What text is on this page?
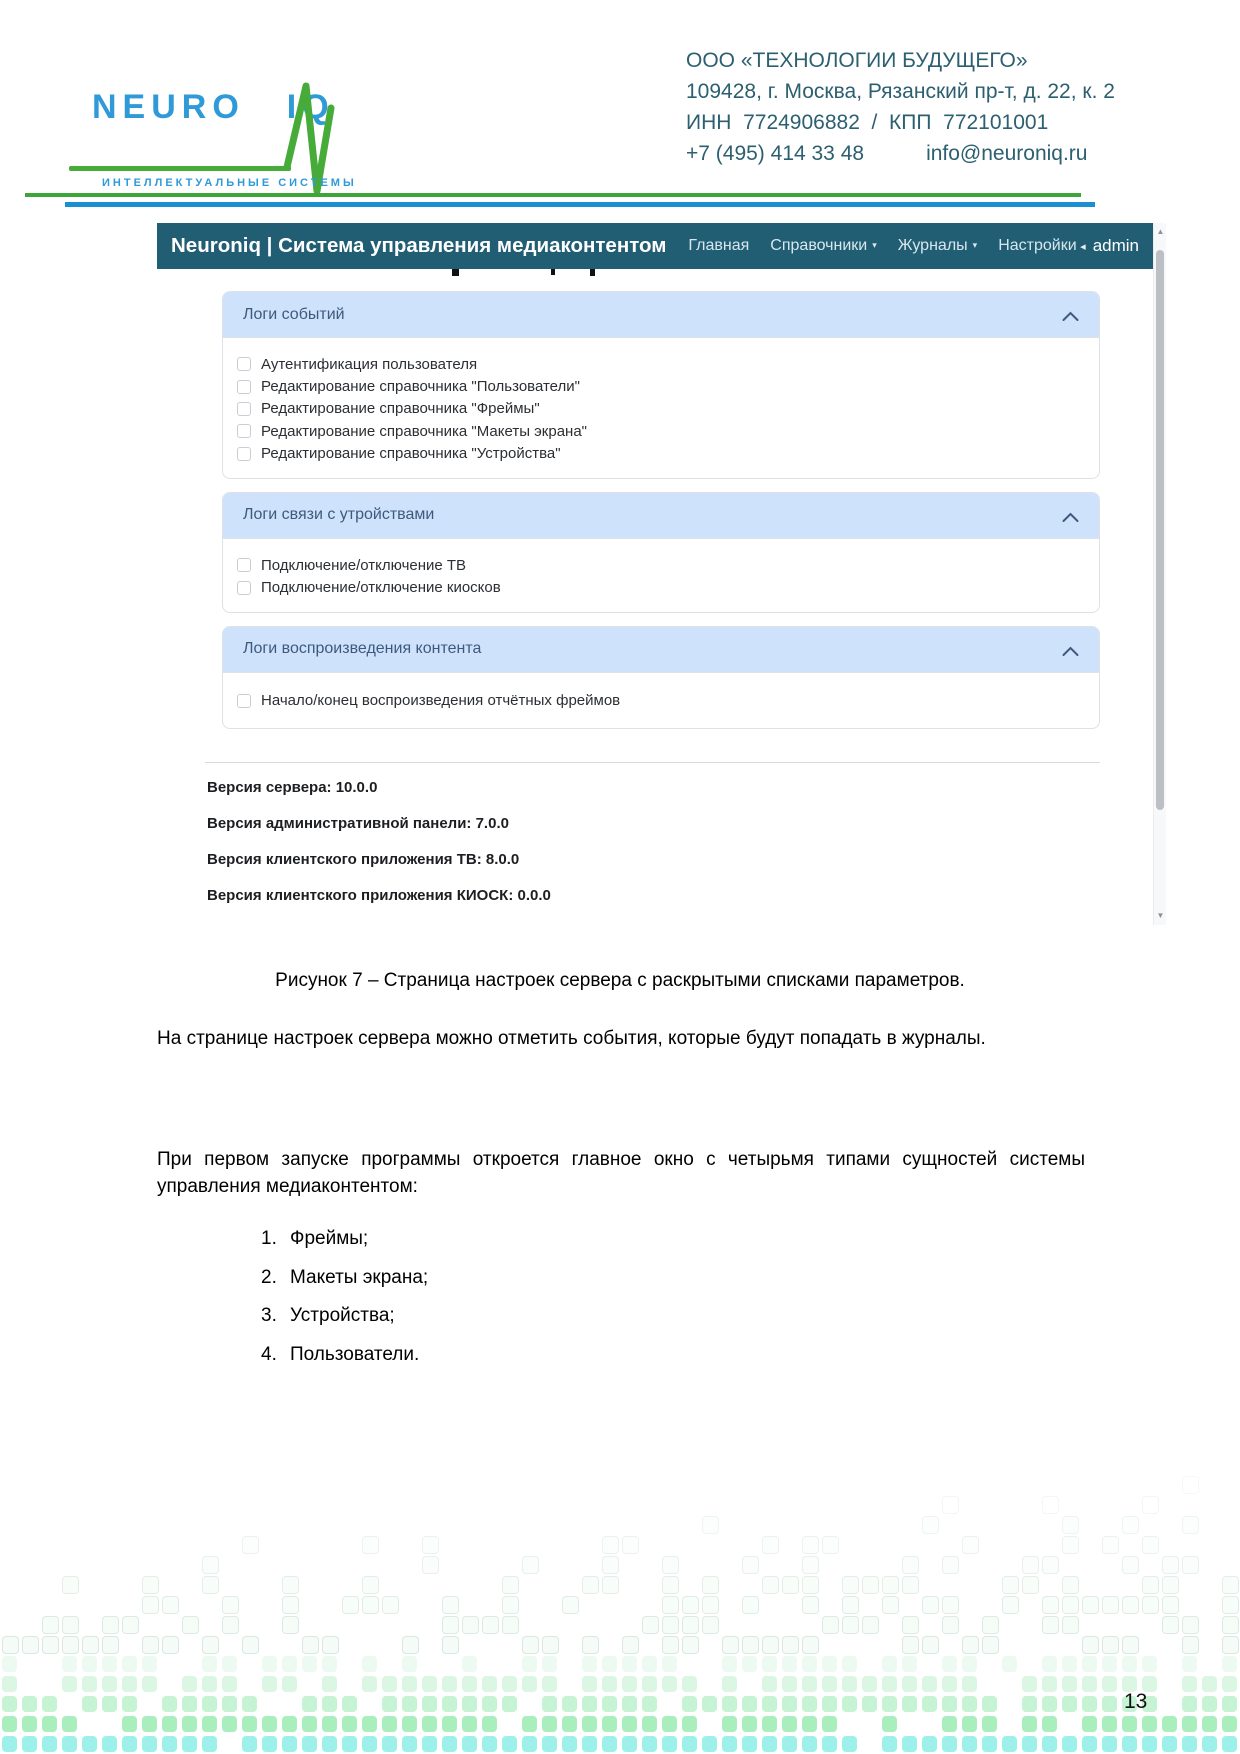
NEURO IQ
ИНТЕЛЛЕКТУАЛЬНЫЕ СИСТЕМЫ
ООО «ТЕХНОЛОГИИ БУДУЩЕГО»
109428, г. Москва, Рязанский пр-т, д. 22, к. 2
ИНН  7724906882  /  КПП  772101001
+7 (495) 414 33 48	info@neuroniq.ru
Neuroniq | Система управления медиаконтентом Главная Справочники ▾ Журналы ▾ Настройки ◂ admin
Логи событий
Аутентификация пользователя
Редактирование справочника "Пользователи"
Редактирование справочника "Фреймы"
Редактирование справочника "Макеты экрана"
Редактирование справочника "Устройства"
Логи связи с утройствами
Подключение/отключение ТВ
Подключение/отключение киосков
Логи воспроизведения контента
Начало/конец воспроизведения отчётных фреймов

Версия сервера: 10.0.0

Версия административной панели: 7.0.0

Версия клиентского приложения ТВ: 8.0.0

Версия клиентского приложения КИОСК: 0.0.0

▲
▼

Рисунок 7 – Страница настроек сервера с раскрытыми списками параметров.

На странице настроек сервера можно отметить события, которые будут попадать в журналы.

При первом запуске программы откроется главное окно с четырьмя типами сущностей системы управления медиаконтентом:

1. Фреймы;
2. Макеты экрана;
3. Устройства;
4. Пользователи.
13
